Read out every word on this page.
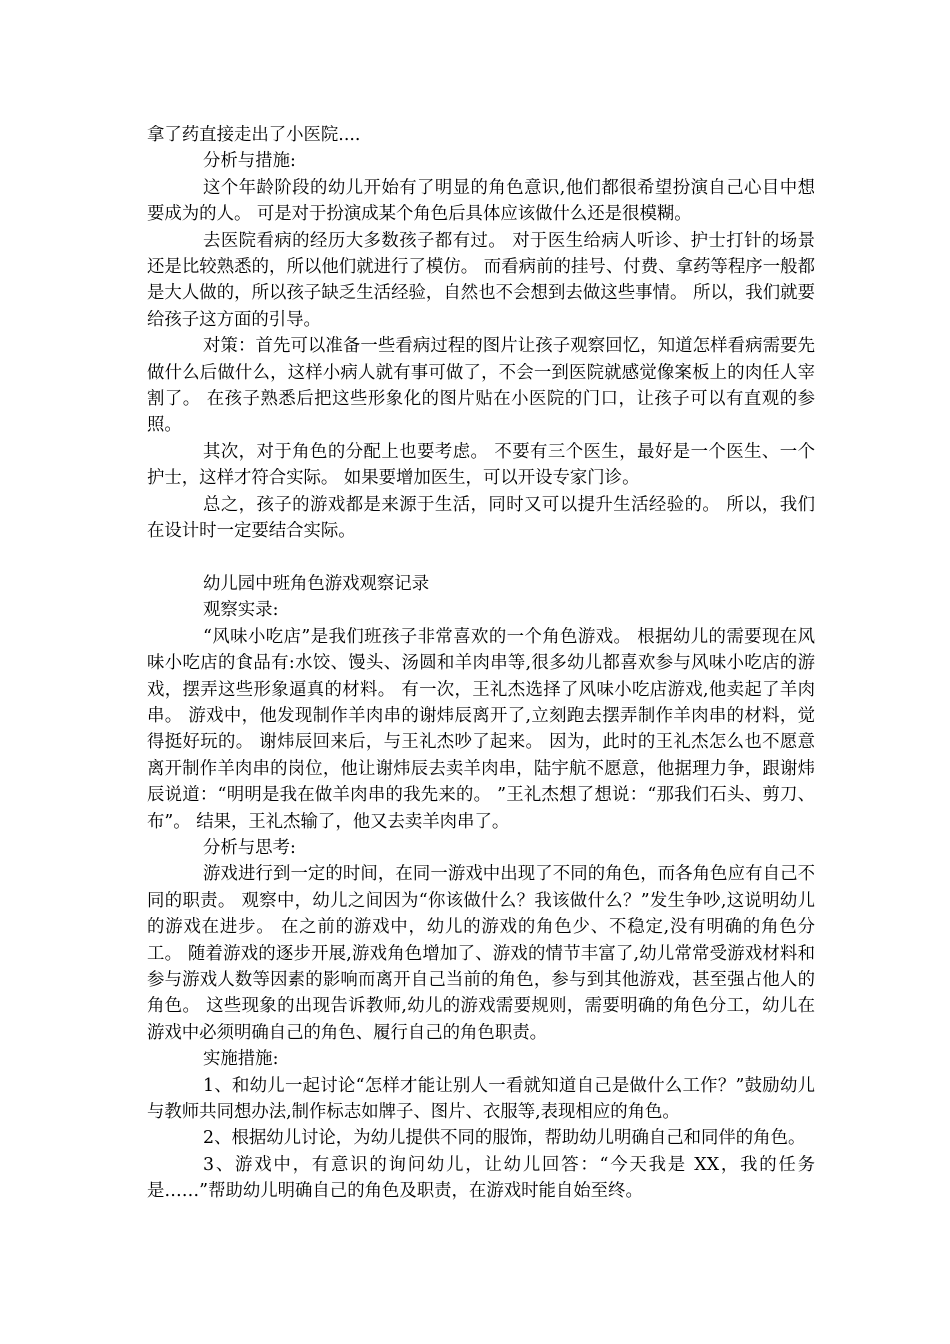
拿了药直接走出了小医院....

分析与措施:

这个年龄阶段的幼儿开始有了明显的角色意识,他们都很希望扮演自己心目中想要成为的人。 可是对于扮演成某个角色后具体应该做什么还是很模糊。

去医院看病的经历大多数孩子都有过。 对于医生给病人听诊、护士打针的场景还是比较熟悉的，所以他们就进行了模仿。 而看病前的挂号、付费、拿药等程序一般都是大人做的，所以孩子缺乏生活经验，自然也不会想到去做这些事情。 所以，我们就要给孩子这方面的引导。

对策：首先可以准备一些看病过程的图片让孩子观察回忆，知道怎样看病需要先做什么后做什么，这样小病人就有事可做了，不会一到医院就感觉像案板上的肉任人宰割了。 在孩子熟悉后把这些形象化的图片贴在小医院的门口，让孩子可以有直观的参照。

其次，对于角色的分配上也要考虑。 不要有三个医生，最好是一个医生、一个护士，这样才符合实际。 如果要增加医生，可以开设专家门诊。

总之，孩子的游戏都是来源于生活，同时又可以提升生活经验的。 所以，我们在设计时一定要结合实际。

幼儿园中班角色游戏观察记录

观察实录:

“风味小吃店”是我们班孩子非常喜欢的一个角色游戏。 根据幼儿的需要现在风味小吃店的食品有:水饺、馒头、汤圆和羊肉串等,很多幼儿都喜欢参与风味小吃店的游戏，摆弄这些形象逼真的材料。 有一次，王礼杰选择了风味小吃店游戏,他卖起了羊肉串。 游戏中，他发现制作羊肉串的谢炜辰离开了,立刻跑去摆弄制作羊肉串的材料，觉得挺好玩的。 谢炜辰回来后，与王礼杰吵了起来。 因为，此时的王礼杰怎么也不愿意离开制作羊肉串的岗位，他让谢炜辰去卖羊肉串，陆宇航不愿意，他据理力争，跟谢炜辰说道：“明明是我在做羊肉串的我先来的。 ”王礼杰想了想说：“那我们石头、剪刀、布”。 结果，王礼杰输了，他又去卖羊肉串了。

分析与思考:

游戏进行到一定的时间，在同一游戏中出现了不同的角色，而各角色应有自己不同的职责。 观察中，幼儿之间因为“你该做什么？我该做什么？”发生争吵,这说明幼儿的游戏在进步。 在之前的游戏中，幼儿的游戏的角色少、不稳定,没有明确的角色分工。 随着游戏的逐步开展,游戏角色增加了、游戏的情节丰富了,幼儿常常受游戏材料和参与游戏人数等因素的影响而离开自己当前的角色，参与到其他游戏，甚至强占他人的角色。 这些现象的出现告诉教师,幼儿的游戏需要规则，需要明确的角色分工，幼儿在游戏中必须明确自己的角色、履行自己的角色职责。

实施措施:

1、和幼儿一起讨论“怎样才能让别人一看就知道自己是做什么工作？”鼓励幼儿与教师共同想办法,制作标志如牌子、图片、衣服等,表现相应的角色。

2、根据幼儿讨论，为幼儿提供不同的服饰，帮助幼儿明确自己和同伴的角色。

3、游戏中，有意识的询问幼儿，让幼儿回答：“今天我是 XX，我的任务是……”帮助幼儿明确自己的角色及职责，在游戏时能自始至终。
